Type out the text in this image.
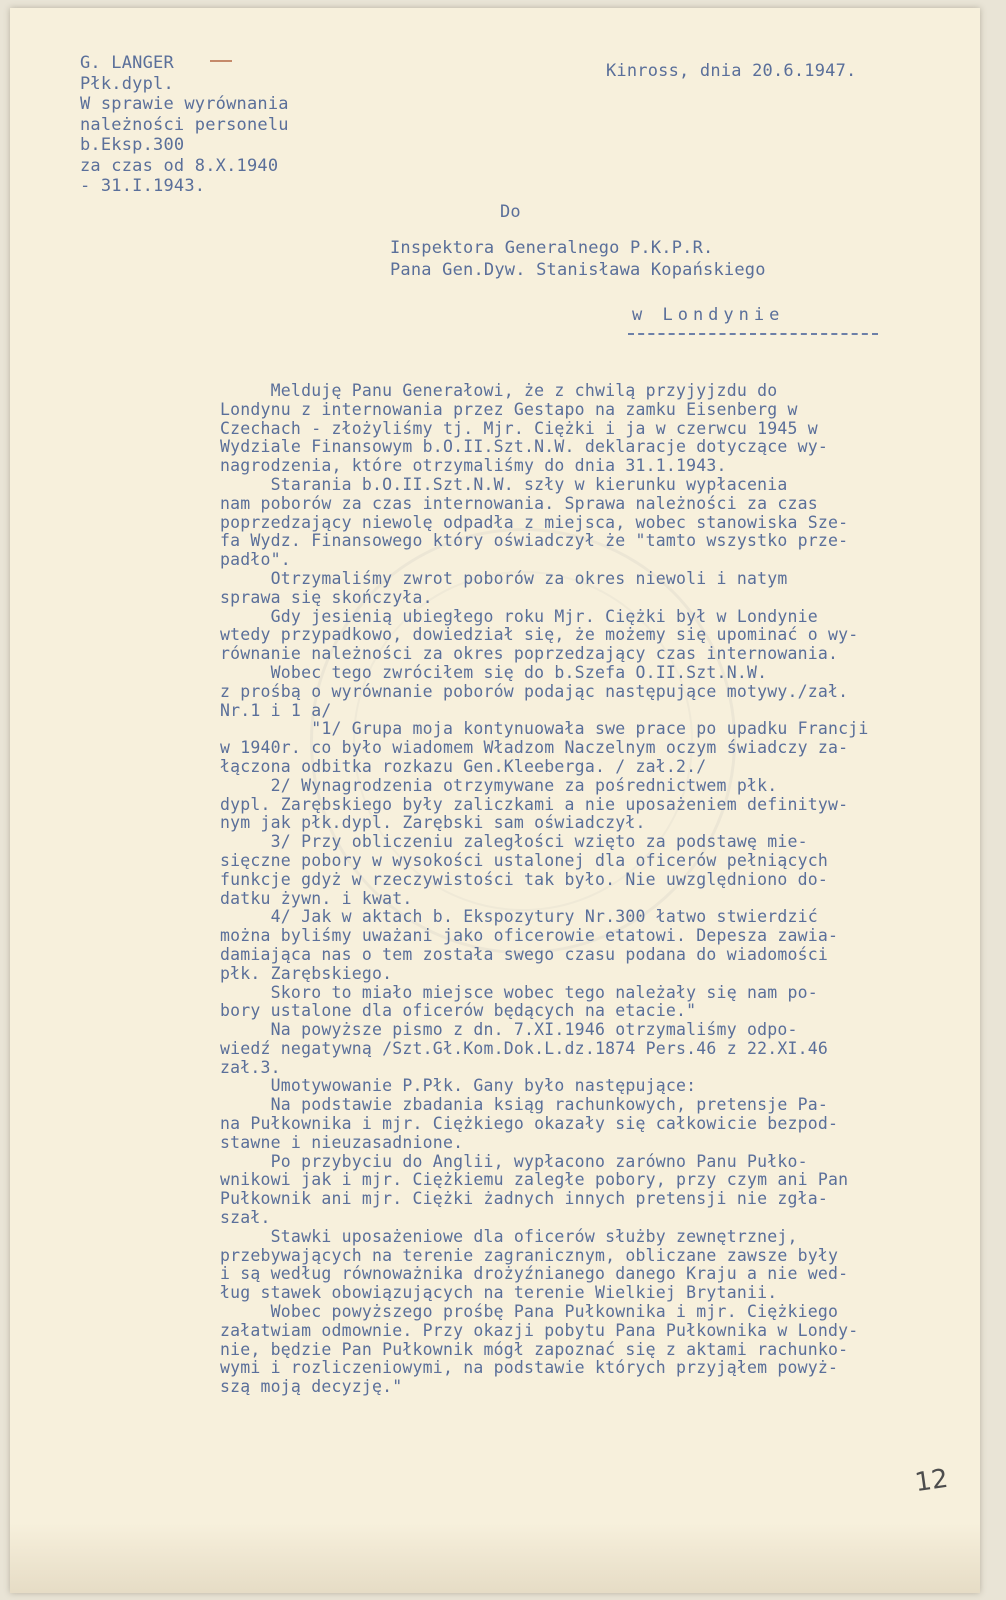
G. LANGER
Płk.dypl.
W sprawie wyrównania
należności personelu
b.Eksp.300
za czas od 8.X.1940
- 31.I.1943.
Kinross, dnia 20.6.1947.
Do
Inspektora Generalnego P.K.P.R.
Pana Gen.Dyw. Stanisława Kopańskiego
w Londynie
Melduję Panu Generałowi, że z chwilą przyjyjzdu do
Londynu z internowania przez Gestapo na zamku Eisenberg w
Czechach - złożyliśmy tj. Mjr. Ciężki i ja w czerwcu 1945 w
Wydziale Finansowym b.O.II.Szt.N.W. deklaracje dotyczące wy-
nagrodzenia, które otrzymaliśmy do dnia 31.1.1943.
Starania b.O.II.Szt.N.W. szły w kierunku wypłacenia
nam poborów za czas internowania. Sprawa należności za czas
poprzedzający niewolę odpadła z miejsca, wobec stanowiska Sze-
fa Wydz. Finansowego który oświadczył że "tamto wszystko prze-
padło".
Otrzymaliśmy zwrot poborów za okres niewoli i natym
sprawa się skończyła.
Gdy jesienią ubiegłego roku Mjr. Ciężki był w Londynie
wtedy przypadkowo, dowiedział się, że możemy się upominać o wy-
równanie należności za okres poprzedzający czas internowania.
Wobec tego zwróciłem się do b.Szefa O.II.Szt.N.W.
z prośbą o wyrównanie poborów podając następujące motywy./zał.
Nr.1 i 1 a/
"1/ Grupa moja kontynuowała swe prace po upadku Francji
w 1940r. co było wiadomem Władzom Naczelnym oczym świadczy za-
łączona odbitka rozkazu Gen.Kleeberga. / zał.2./
2/ Wynagrodzenia otrzymywane za pośrednictwem płk.
dypl. Zarębskiego były zaliczkami a nie uposażeniem definityw-
nym jak płk.dypl. Zarębski sam oświadczył.
3/ Przy obliczeniu zaległości wzięto za podstawę mie-
sięczne pobory w wysokości ustalonej dla oficerów pełniących
funkcje gdyż w rzeczywistości tak było. Nie uwzględniono do-
datku żywn. i kwat.
4/ Jak w aktach b. Ekspozytury Nr.300 łatwo stwierdzić
można byliśmy uważani jako oficerowie etatowi. Depesza zawia-
damiająca nas o tem została swego czasu podana do wiadomości
płk. Zarębskiego.
Skoro to miało miejsce wobec tego należały się nam po-
bory ustalone dla oficerów będących na etacie."
Na powyższe pismo z dn. 7.XI.1946 otrzymaliśmy odpo-
wiedź negatywną /Szt.Gł.Kom.Dok.L.dz.1874 Pers.46 z 22.XI.46
zał.3.
Umotywowanie P.Płk. Gany było następujące:
Na podstawie zbadania ksiąg rachunkowych, pretensje Pa-
na Pułkownika i mjr. Ciężkiego okazały się całkowicie bezpod-
stawne i nieuzasadnione.
Po przybyciu do Anglii, wypłacono zarówno Panu Pułko-
wnikowi jak i mjr. Ciężkiemu zaległe pobory, przy czym ani Pan
Pułkownik ani mjr. Ciężki żadnych innych pretensji nie zgła-
szał.
Stawki uposażeniowe dla oficerów służby zewnętrznej,
przebywających na terenie zagranicznym, obliczane zawsze były
i są według równoważnika drożyźnianego danego Kraju a nie wed-
ług stawek obowiązujących na terenie Wielkiej Brytanii.
Wobec powyższego prośbę Pana Pułkownika i mjr. Ciężkiego
załatwiam odmownie. Przy okazji pobytu Pana Pułkownika w Londy-
nie, będzie Pan Pułkownik mógł zapoznać się z aktami rachunko-
wymi i rozliczeniowymi, na podstawie których przyjąłem powyż-
szą moją decyzję."
12
